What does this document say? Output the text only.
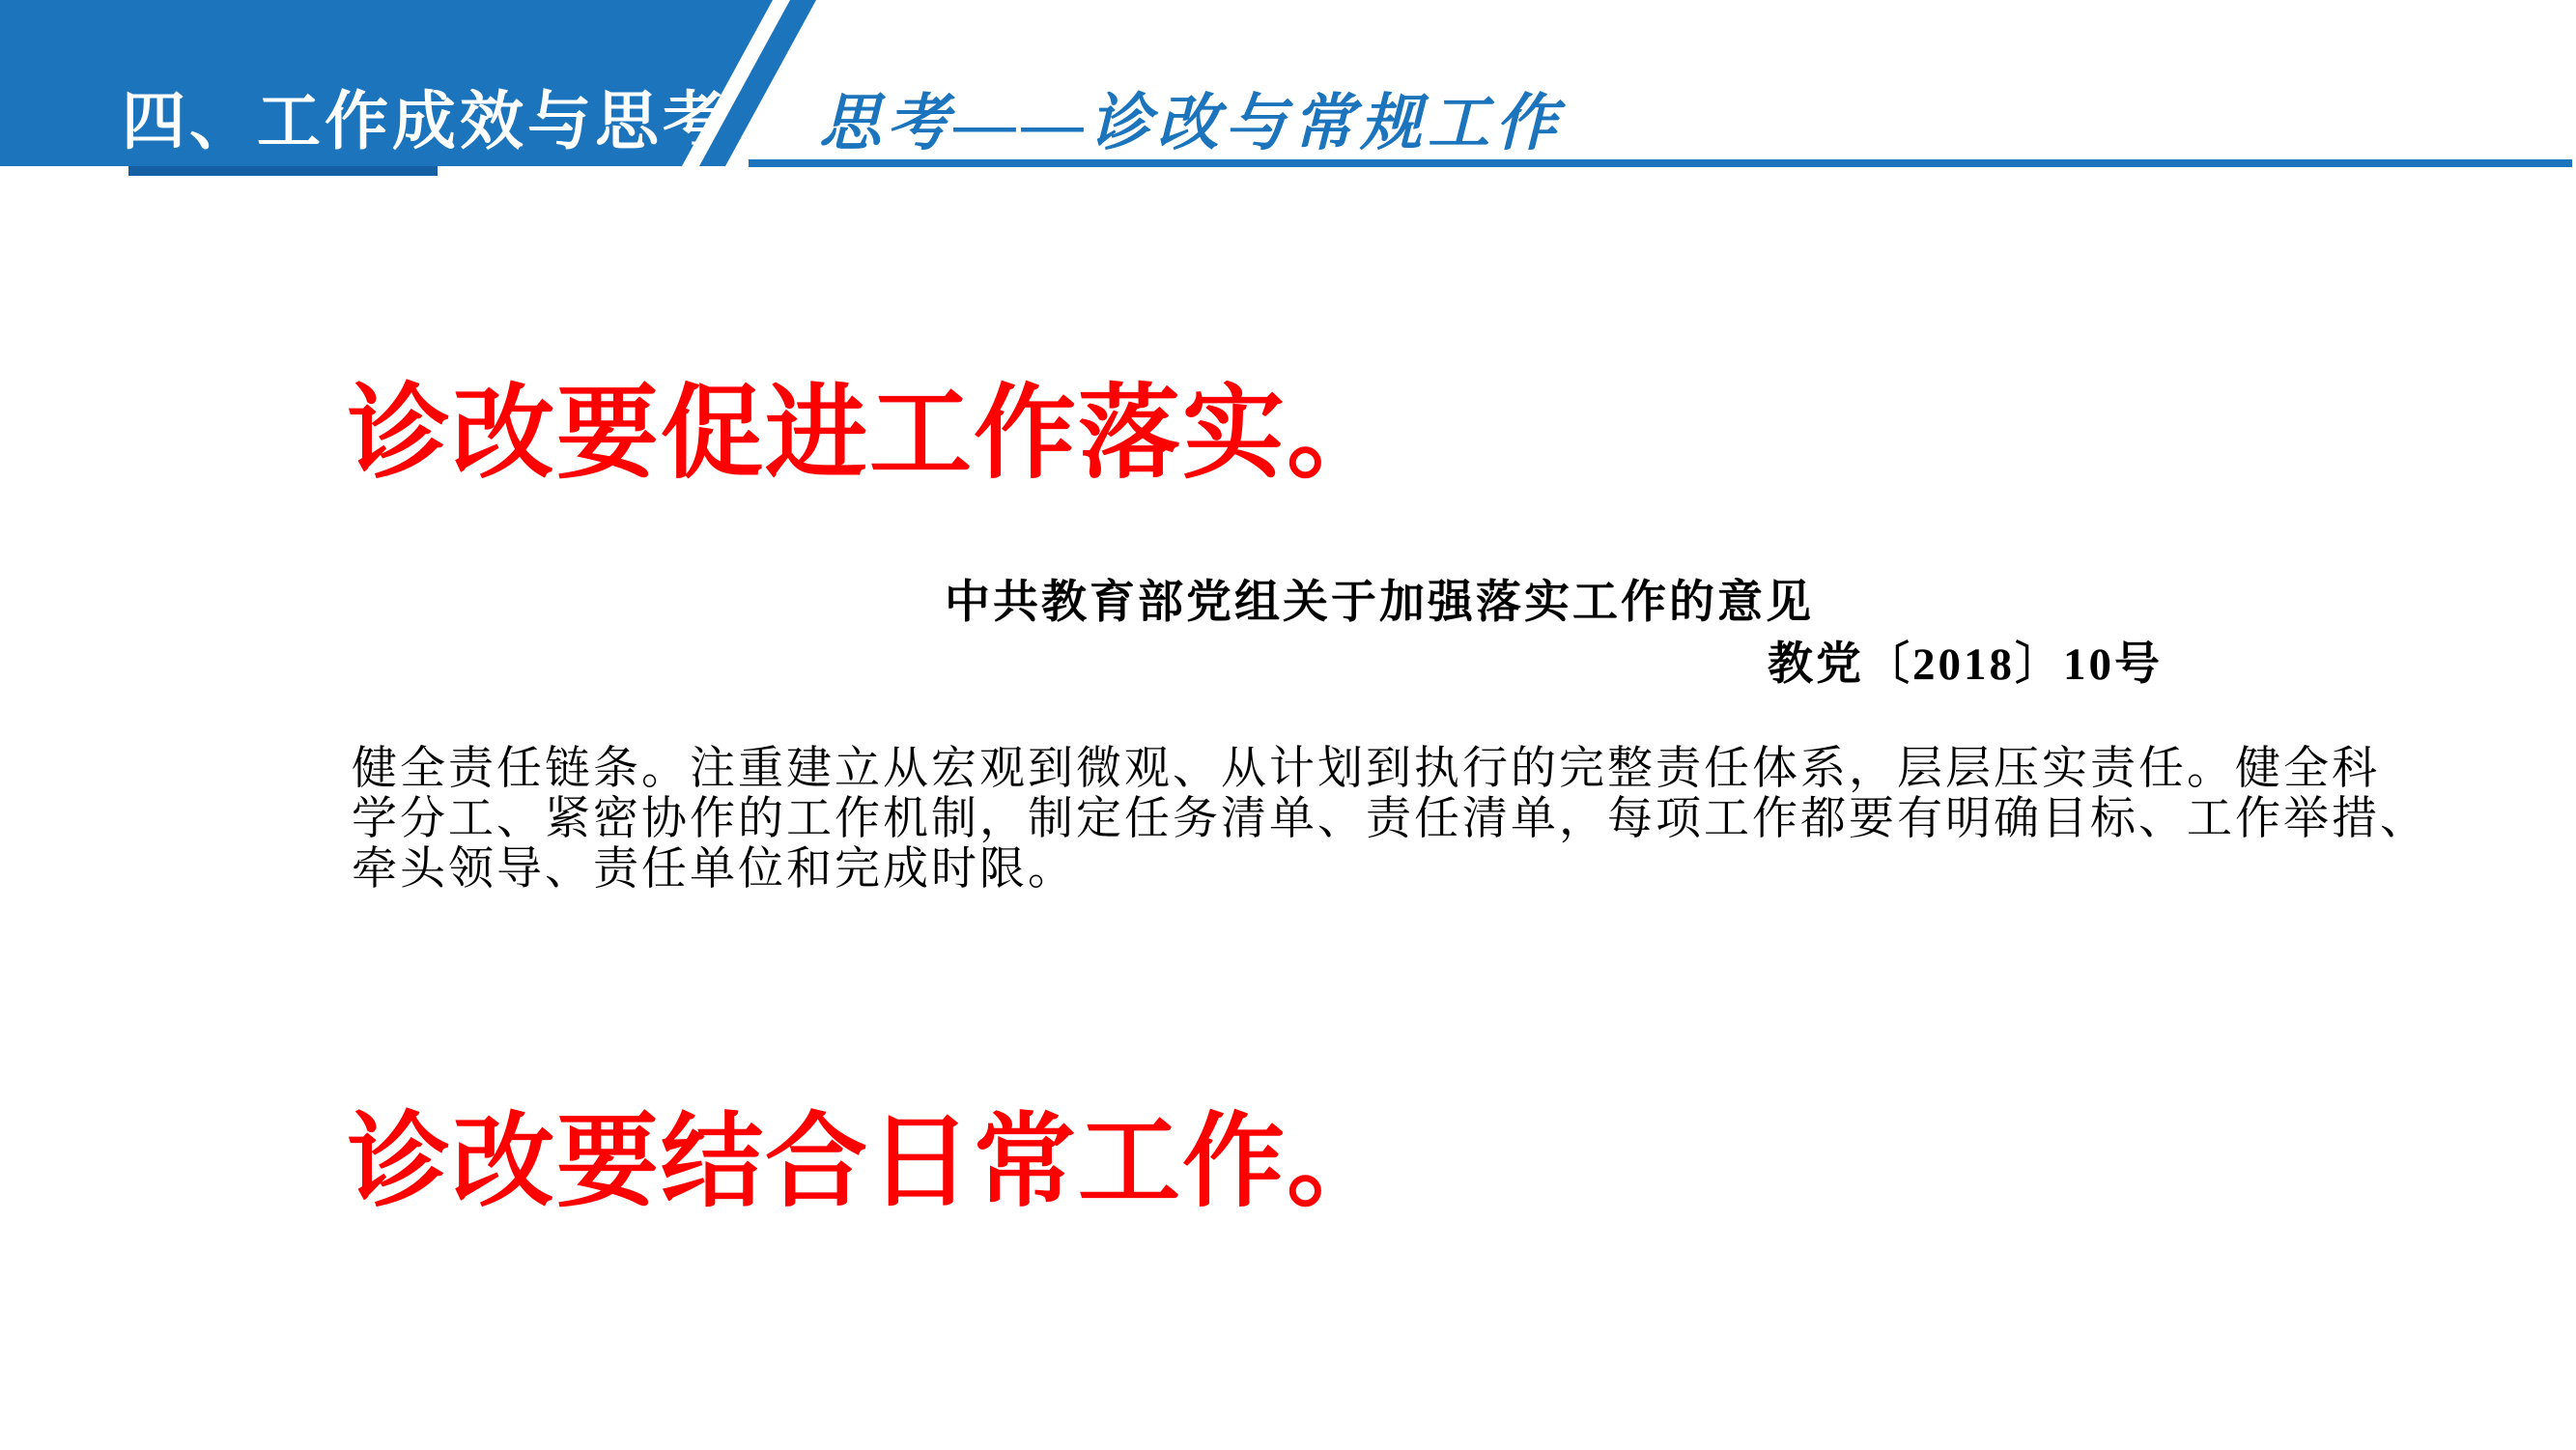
四、工作成效与思考 思考——诊改与常规工作
诊改要促进工作落实。
中共教育部党组关于加强落实工作的意见
教党〔2018〕10号
健全责任链条。注重建立从宏观到微观、从计划到执行的完整责任体系，层层压实责任。健全科
学分工、紧密协作的工作机制，制定任务清单、责任清单，每项工作都要有明确目标、工作举措、
牵头领导、责任单位和完成时限。
诊改要结合日常工作。
